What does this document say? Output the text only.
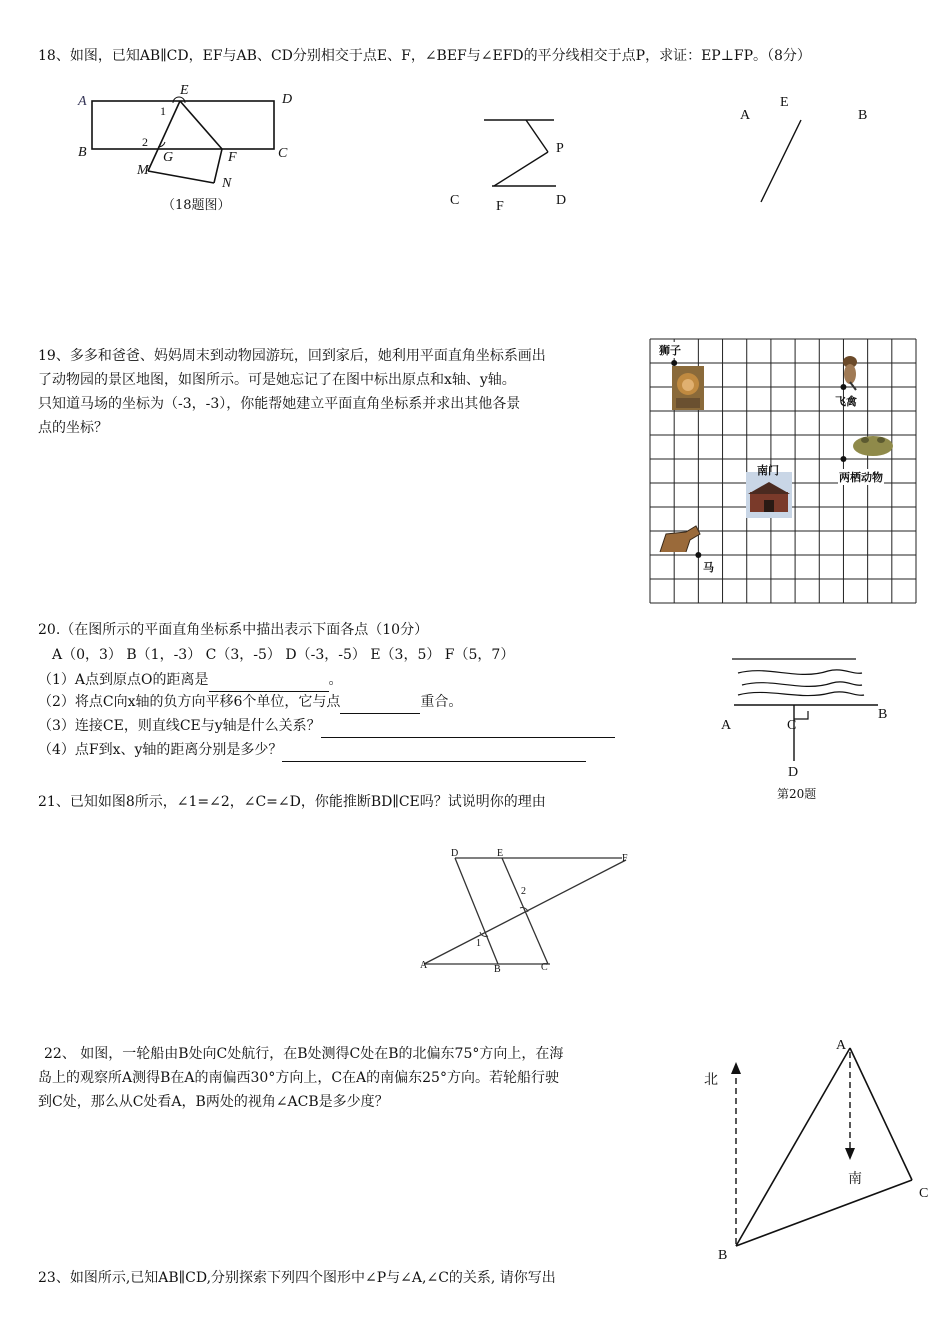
18、如图，已知AB∥CD，EF与AB、CD分别相交于点E、F，∠BEF与∠EFD的平分线相交于点P，求证：EP⊥FP。（8分）
A
E
D
B	C
G	F
M
N
1
2
（18题图）
P
C	F	D
A
E
B
19、多多和爸爸、妈妈周末到动物园游玩，回到家后，她利用平面直角坐标系画出
了动物园的景区地图，如图所示。可是她忘记了在图中标出原点和x轴、y轴。
只知道马场的坐标为（-3，-3），你能帮她建立平面直角坐标系并求出其他各景
点的坐标？
狮子
飞禽
两栖动物
南门
马
20.（在图所示的平面直角坐标系中描出表示下面各点（10分）
A（0，3） B（1，-3） C（3，-5） D（-3，-5） E（3，5） F（5，7）
（1）A点到原点O的距离是	。
（2）将点C向x轴的负方向平移6个单位，它与点	重合。
（3）连接CE，则直线CE与y轴是什么关系？
（4）点F到x、y轴的距离分别是多少？
A	C
B
D
第20题
21、已知如图8所示，∠1=∠2，∠C=∠D，你能推断BD∥CE吗？试说明你的理由
D	E	F
A	B	C
1
2
22、 如图，一轮船由B处向C处航行，在B处测得C处在B的北偏东75°方向上，在海
岛上的观察所A测得B在A的南偏西30°方向上，C在A的南偏东25°方向。若轮船行驶
到C处，那么从C处看A，B两处的视角∠ACB是多少度？
A
北
南
C
B
23、如图所示,已知AB∥CD,分别探索下列四个图形中∠P与∠A,∠C的关系, 请你写出
